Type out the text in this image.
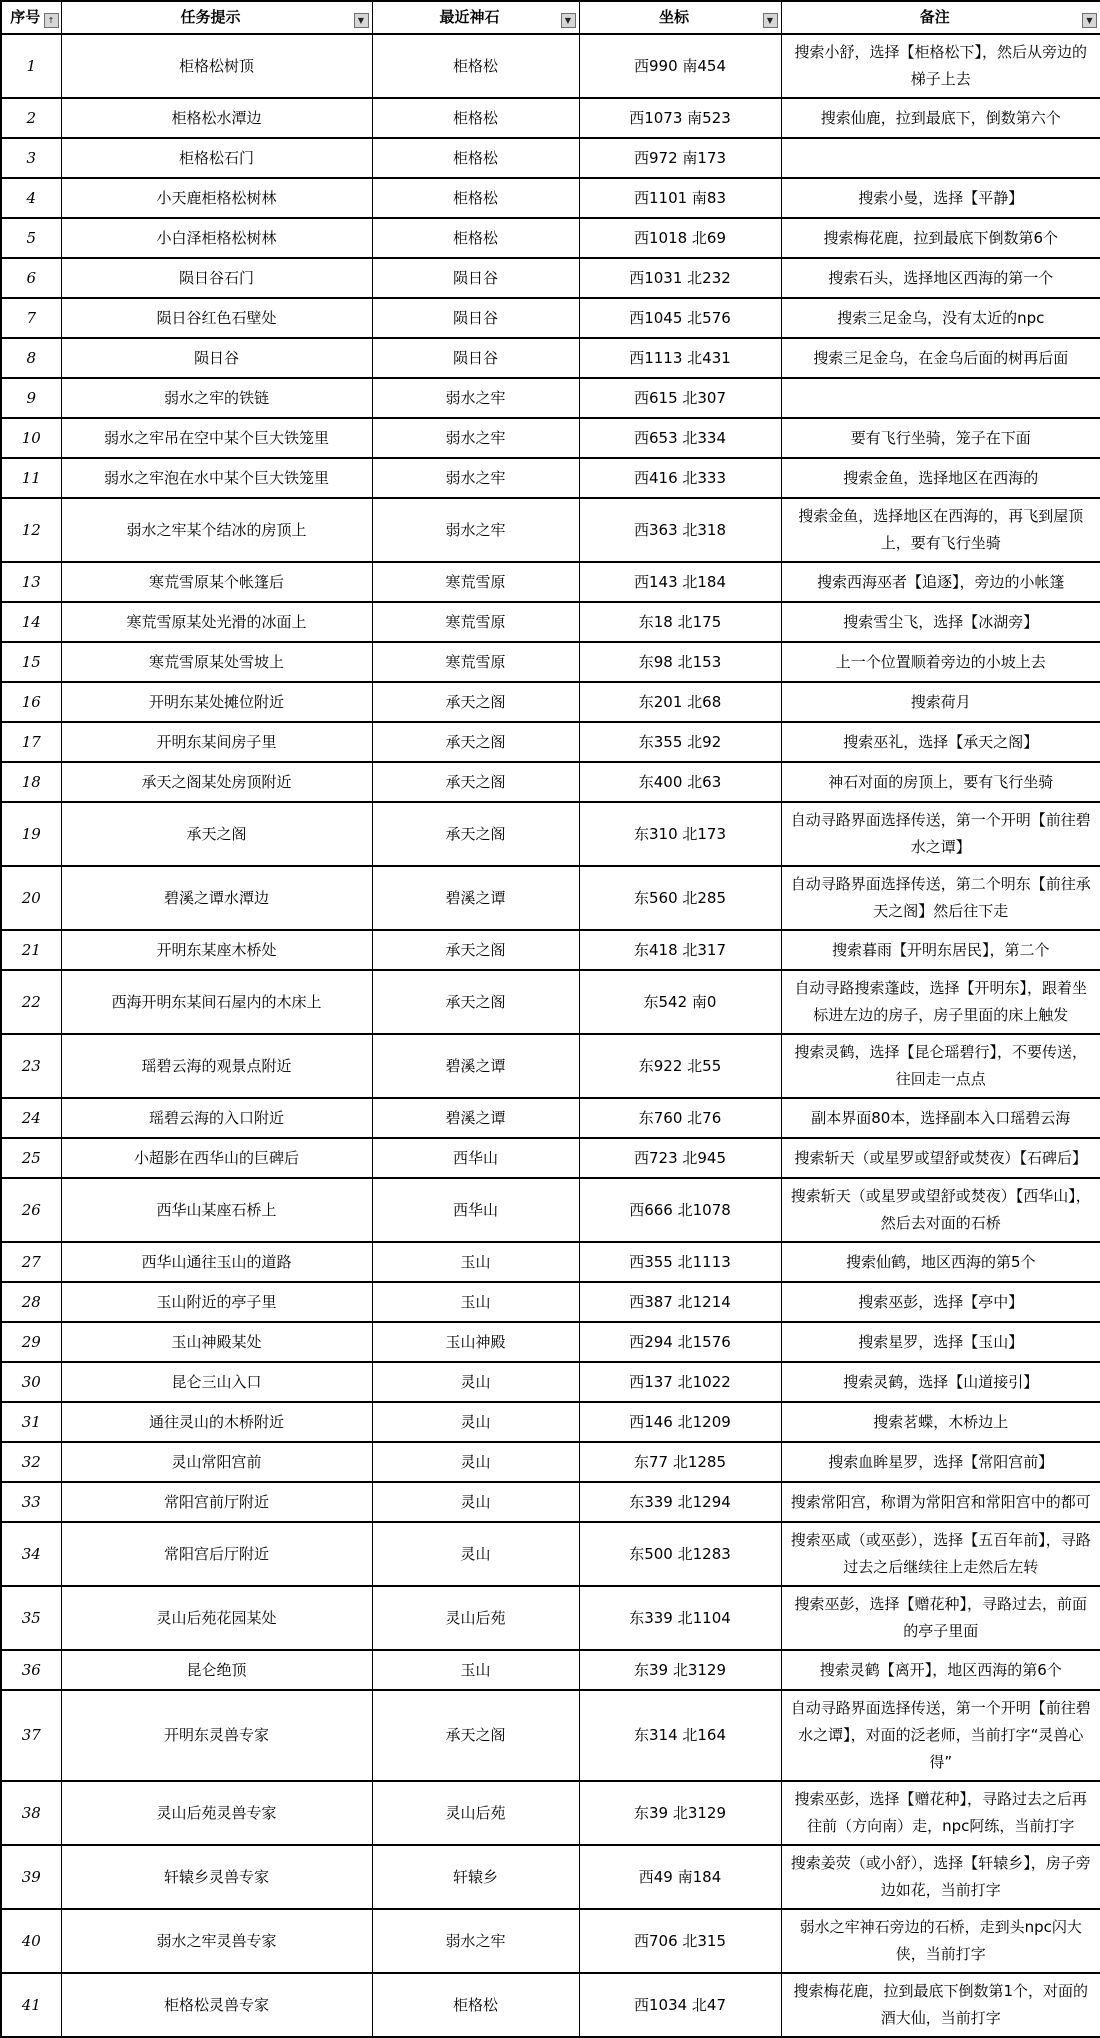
序号 ↑	任务提示 ▼	最近神石 ▼	坐标 ▼	备注 ▼

1	柜格松树顶	柜格松	西990 南454	搜索小舒，选择【柜格松下】，然后从旁边的梯子上去
2	柜格松水潭边	柜格松	西1073 南523	搜索仙鹿，拉到最底下，倒数第六个
3	柜格松石门	柜格松	西972 南173	
4	小天鹿柜格松树林	柜格松	西1101 南83	搜索小曼，选择【平静】
5	小白泽柜格松树林	柜格松	西1018 北69	搜索梅花鹿，拉到最底下倒数第6个
6	陨日谷石门	陨日谷	西1031 北232	搜索石头，选择地区西海的第一个
7	陨日谷红色石壁处	陨日谷	西1045 北576	搜索三足金乌，没有太近的npc
8	陨日谷	陨日谷	西1113 北431	搜索三足金乌，在金乌后面的树再后面
9	弱水之牢的铁链	弱水之牢	西615 北307	
10	弱水之牢吊在空中某个巨大铁笼里	弱水之牢	西653 北334	要有飞行坐骑，笼子在下面
11	弱水之牢泡在水中某个巨大铁笼里	弱水之牢	西416 北333	搜索金鱼，选择地区在西海的
12	弱水之牢某个结冰的房顶上	弱水之牢	西363 北318	搜索金鱼，选择地区在西海的，再飞到屋顶上，要有飞行坐骑
13	寒荒雪原某个帐篷后	寒荒雪原	西143 北184	搜索西海巫者【追逐】，旁边的小帐篷
14	寒荒雪原某处光滑的冰面上	寒荒雪原	东18 北175	搜索雪尘飞，选择【冰湖旁】
15	寒荒雪原某处雪坡上	寒荒雪原	东98 北153	上一个位置顺着旁边的小坡上去
16	开明东某处摊位附近	承天之阁	东201 北68	搜索荷月
17	开明东某间房子里	承天之阁	东355 北92	搜索巫礼，选择【承天之阁】
18	承天之阁某处房顶附近	承天之阁	东400 北63	神石对面的房顶上，要有飞行坐骑
19	承天之阁	承天之阁	东310 北173	自动寻路界面选择传送，第一个开明【前往碧水之谭】
20	碧溪之谭水潭边	碧溪之谭	东560 北285	自动寻路界面选择传送，第二个明东【前往承天之阁】然后往下走
21	开明东某座木桥处	承天之阁	东418 北317	搜索暮雨【开明东居民】，第二个
22	西海开明东某间石屋内的木床上	承天之阁	东542 南0	自动寻路搜索蓬歧，选择【开明东】，跟着坐标进左边的房子，房子里面的床上触发
23	瑶碧云海的观景点附近	碧溪之谭	东922 北55	搜索灵鹤，选择【昆仑瑶碧行】，不要传送，往回走一点点
24	瑶碧云海的入口附近	碧溪之谭	东760 北76	副本界面80本，选择副本入口瑶碧云海
25	小超影在西华山的巨碑后	西华山	西723 北945	搜索斩天（或星罗或望舒或焚夜）【石碑后】
26	西华山某座石桥上	西华山	西666 北1078	搜索斩天（或星罗或望舒或焚夜）【西华山】，然后去对面的石桥
27	西华山通往玉山的道路	玉山	西355 北1113	搜索仙鹤，地区西海的第5个
28	玉山附近的亭子里	玉山	西387 北1214	搜索巫彭，选择【亭中】
29	玉山神殿某处	玉山神殿	西294 北1576	搜索星罗，选择【玉山】
30	昆仑三山入口	灵山	西137 北1022	搜索灵鹤，选择【山道接引】
31	通往灵山的木桥附近	灵山	西146 北1209	搜索茗蝶，木桥边上
32	灵山常阳宫前	灵山	东77 北1285	搜索血眸星罗，选择【常阳宫前】
33	常阳宫前厅附近	灵山	东339 北1294	搜索常阳宫，称谓为常阳宫和常阳宫中的都可
34	常阳宫后厅附近	灵山	东500 北1283	搜索巫咸（或巫彭），选择【五百年前】，寻路过去之后继续往上走然后左转
35	灵山后苑花园某处	灵山后苑	东339 北1104	搜索巫彭，选择【赠花种】，寻路过去，前面的亭子里面
36	昆仑绝顶	玉山	东39 北3129	搜索灵鹤【离开】，地区西海的第6个
37	开明东灵兽专家	承天之阁	东314 北164	自动寻路界面选择传送，第一个开明【前往碧水之谭】，对面的泛老师，当前打字“灵兽心得”
38	灵山后苑灵兽专家	灵山后苑	东39 北3129	搜索巫彭，选择【赠花种】，寻路过去之后再往前（方向南）走，npc阿练，当前打字
39	轩辕乡灵兽专家	轩辕乡	西49 南184	搜索姜荧（或小舒），选择【轩辕乡】，房子旁边如花，当前打字
40	弱水之牢灵兽专家	弱水之牢	西706 北315	弱水之牢神石旁边的石桥，走到头npc闪大侠，当前打字
41	柜格松灵兽专家	柜格松	西1034 北47	搜索梅花鹿，拉到最底下倒数第1个，对面的酒大仙，当前打字
